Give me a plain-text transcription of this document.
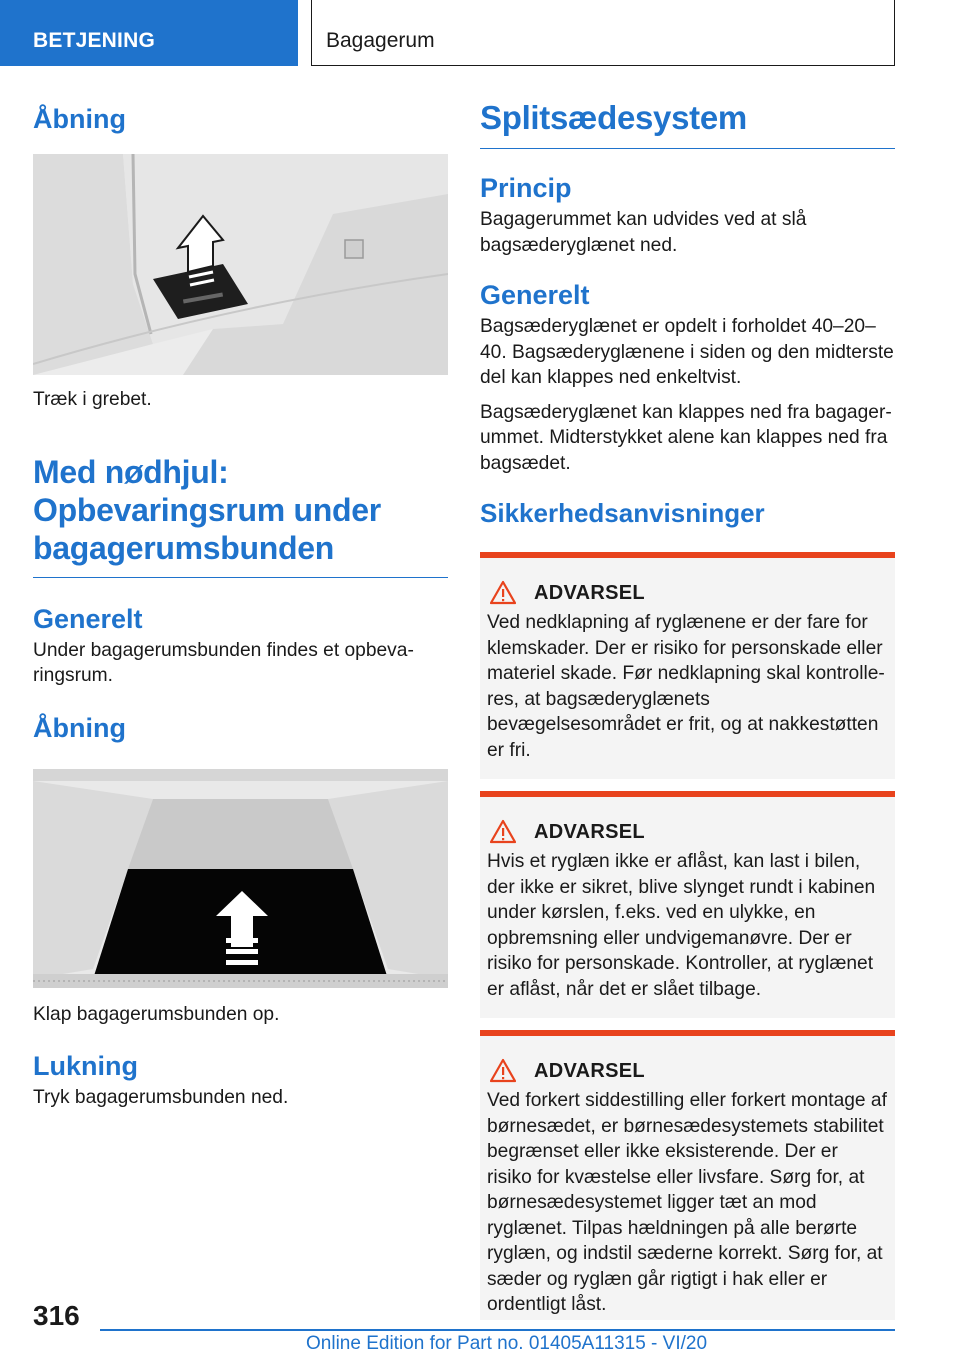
BETJENING	Bagagerum
Åbning

Træk i grebet.

Med nødhjul: Opbevaringsrum under bagagerumsbunden
Generelt

Under bagagerumsbunden findes et opbevaringsrum.

Åbning

Klap bagagerumsbunden op.

Lukning

Tryk bagagerumsbunden ned.

Splitsædesystem
Princip

Bagagerummet kan udvides ved at slå bagsæderyglænet ned.

Generelt

Bagsæderyglænet er opdelt i forholdet 40–20–40. Bagsæderyglænene i siden og den midterste del kan klappes ned enkeltvist.

Bagsæderyglænet kan klappes ned fra bagagerummet. Midterstykket alene kan klappes ned fra bagsædet.

Sikkerhedsanvisninger
ADVARSEL

Ved nedklapning af ryglænene er der fare for klemskader. Der er risiko for personskade eller materiel skade. Før nedklapning skal kontrolleres, at bagsæderyglænets bevægelsesområdet er frit, og at nakkestøtten er fri.

ADVARSEL

Hvis et ryglæn ikke er aflåst, kan last i bilen, der ikke er sikret, blive slynget rundt i kabinen under kørslen, f.eks. ved en ulykke, en opbremsning eller undvigemanøvre. Der er risiko for personskade. Kontroller, at ryglænet er aflåst, når det er slået tilbage.

ADVARSEL

Ved forkert siddestilling eller forkert montage af børnesædet, er børnesædesystemets stabilitet begrænset eller ikke eksisterende. Der er risiko for kvæstelse eller livsfare. Sørg for, at børnesædesystemet ligger tæt an mod ryglænet. Tilpas hældningen på alle berørte ryglæn, og indstil sæderne korrekt. Sørg for, at sæder og ryglæn går rigtigt i hak eller er ordentligt låst.

316
Online Edition for Part no. 01405A11315 - VI/20
